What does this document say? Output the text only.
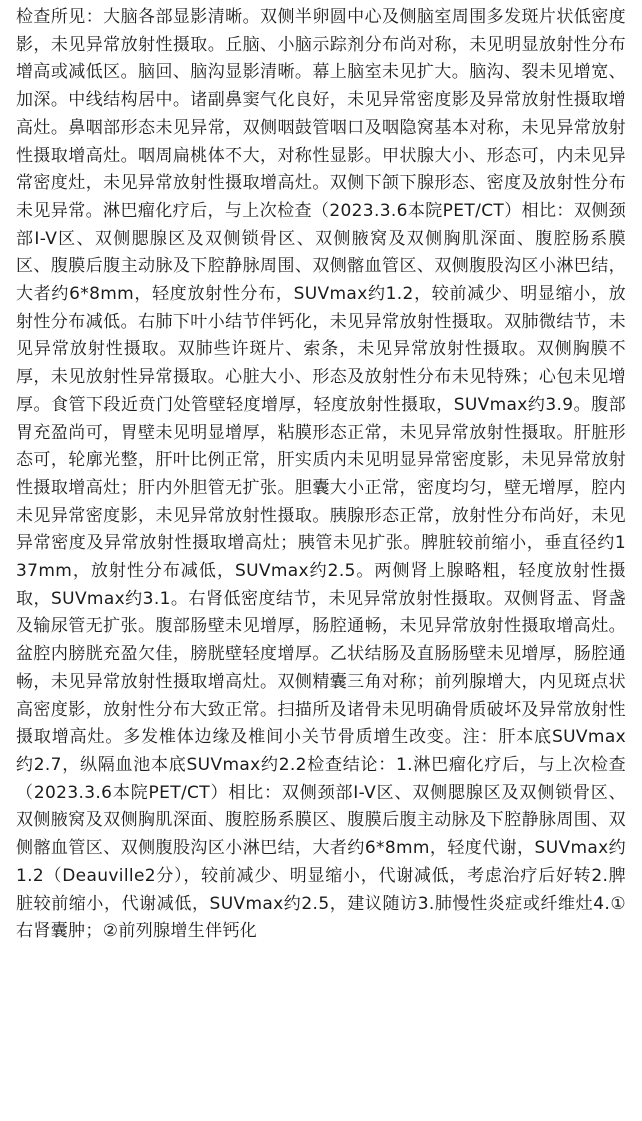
检查所见：大脑各部显影清晰。双侧半卵圆中心及侧脑室周围多发斑片状低密度影，未见异常放射性摄取。丘脑、小脑示踪剂分布尚对称，未见明显放射性分布增高或减低区。脑回、脑沟显影清晰。幕上脑室未见扩大。脑沟、裂未见增宽、加深。中线结构居中。诸副鼻窦气化良好，未见异常密度影及异常放射性摄取增高灶。鼻咽部形态未见异常，双侧咽鼓管咽口及咽隐窝基本对称，未见异常放射性摄取增高灶。咽周扁桃体不大，对称性显影。甲状腺大小、形态可，内未见异常密度灶，未见异常放射性摄取增高灶。双侧下颌下腺形态、密度及放射性分布未见异常。淋巴瘤化疗后，与上次检查（2023.3.6本院PET/CT）相比：双侧颈部I-V区、双侧腮腺区及双侧锁骨区、双侧腋窝及双侧胸肌深面、腹腔肠系膜区、腹膜后腹主动脉及下腔静脉周围、双侧髂血管区、双侧腹股沟区小淋巴结，大者约6*8mm，轻度放射性分布，SUVmax约1.2，较前减少、明显缩小，放射性分布减低。右肺下叶小结节伴钙化，未见异常放射性摄取。双肺微结节，未见异常放射性摄取。双肺些许斑片、索条，未见异常放射性摄取。双侧胸膜不厚，未见放射性异常摄取。心脏大小、形态及放射性分布未见特殊；心包未见增厚。食管下段近贲门处管壁轻度增厚，轻度放射性摄取，SUVmax约3.9。腹部胃充盈尚可，胃壁未见明显增厚，粘膜形态正常，未见异常放射性摄取。肝脏形态可，轮廓光整，肝叶比例正常，肝实质内未见明显异常密度影，未见异常放射性摄取增高灶；肝内外胆管无扩张。胆囊大小正常，密度均匀，壁无增厚，腔内未见异常密度影，未见异常放射性摄取。胰腺形态正常，放射性分布尚好，未见异常密度及异常放射性摄取增高灶；胰管未见扩张。脾脏较前缩小，垂直径约137mm，放射性分布减低，SUVmax约2.5。两侧肾上腺略粗，轻度放射性摄取，SUVmax约3.1。右肾低密度结节，未见异常放射性摄取。双侧肾盂、肾盏及输尿管无扩张。腹部肠壁未见增厚，肠腔通畅，未见异常放射性摄取增高灶。盆腔内膀胱充盈欠佳，膀胱壁轻度增厚。乙状结肠及直肠肠壁未见增厚，肠腔通畅，未见异常放射性摄取增高灶。双侧精囊三角对称；前列腺增大，内见斑点状高密度影，放射性分布大致正常。扫描所及诸骨未见明确骨质破坏及异常放射性摄取增高灶。多发椎体边缘及椎间小关节骨质增生改变。注：肝本底SUVmax约2.7，纵隔血池本底SUVmax约2.2检查结论：1.淋巴瘤化疗后，与上次检查（2023.3.6本院PET/CT）相比：双侧颈部I-V区、双侧腮腺区及双侧锁骨区、双侧腋窝及双侧胸肌深面、腹腔肠系膜区、腹膜后腹主动脉及下腔静脉周围、双侧髂血管区、双侧腹股沟区小淋巴结，大者约6*8mm，轻度代谢，SUVmax约1.2（Deauville2分），较前减少、明显缩小，代谢减低，考虑治疗后好转2.脾脏较前缩小，代谢减低，SUVmax约2.5，建议随访3.肺慢性炎症或纤维灶4.①右肾囊肿；②前列腺增生伴钙化
